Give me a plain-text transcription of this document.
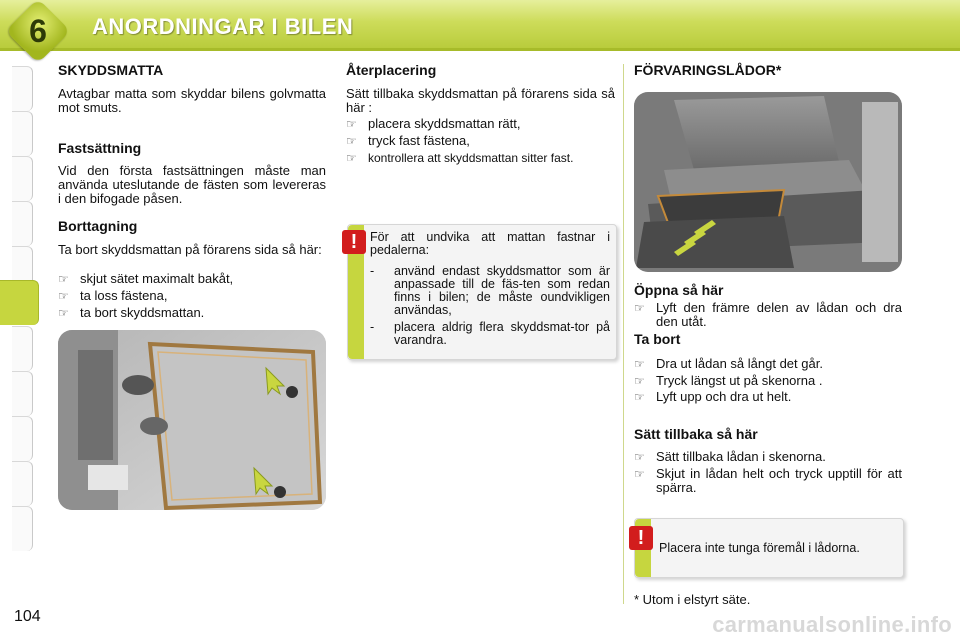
6	ANORDNINGAR I BILEN
SKYDDSMATTA

Avtagbar matta som skyddar bilens golvmatta mot smuts.

Fastsättning

Vid den första fastsättningen måste man använda uteslutande de fästen som levereras i den bifogade påsen.

Borttagning

Ta bort skyddsmattan på förarens sida så här:

☞ skjut sätet maximalt bakåt,
☞ ta loss fästena,
☞ ta bort skyddsmattan.
Återplacering

Sätt tillbaka skyddsmattan på förarens sida så här :

☞ placera skyddsmattan rätt,
☞ tryck fast fästena,
☞ kontrollera att skyddsmattan sitter fast.
För att undvika att mattan fastnar i pedalerna:
- använd endast skyddsmattor som är anpassade till de fäs-ten som redan finns i bilen; de måste oundvikligen användas,
- placera aldrig flera skyddsmat-tor på varandra.
!
FÖRVARINGSLÅDOR*
Öppna så här
☞ Lyft den främre delen av lådan och dra den utåt.
Ta bort
☞ Dra ut lådan så långt det går.
☞ Tryck längst ut på skenorna .
☞ Lyft upp och dra ut helt.
Sätt tillbaka så här
☞ Sätt tillbaka lådan i skenorna.
☞ Skjut in lådan helt och tryck upptill för att spärra.
Placera inte tunga föremål i lådorna.
!
* Utom i elstyrt säte.
104	carmanualsonline.info
